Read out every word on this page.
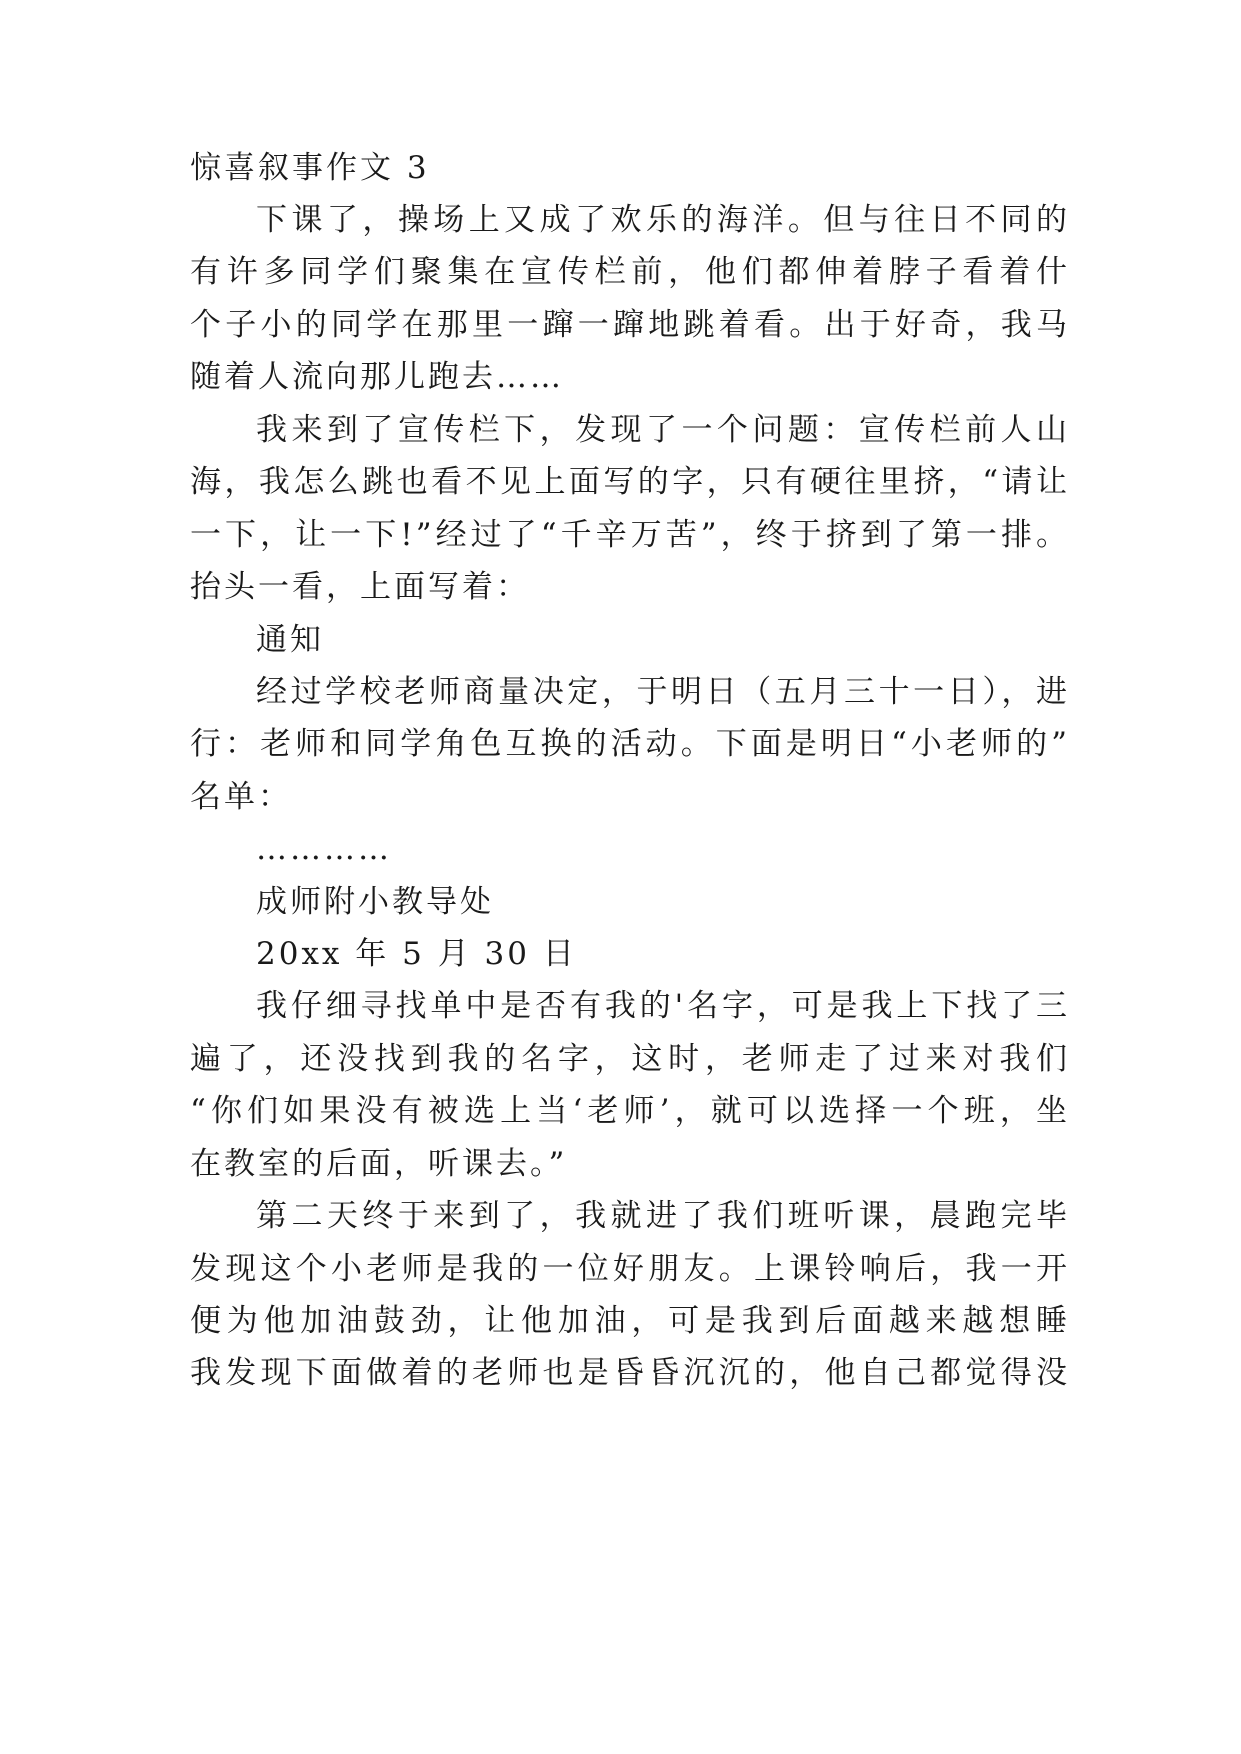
惊喜叙事作文 3
下课了，操场上又成了欢乐的海洋。但与往日不同的
有许多同学们聚集在宣传栏前，他们都伸着脖子看着什
个子小的同学在那里一蹿一蹿地跳着看。出于好奇，我马
随着人流向那儿跑去……
我来到了宣传栏下，发现了一个问题：宣传栏前人山
海，我怎么跳也看不见上面写的字，只有硬往里挤，“请让
一下，让一下!”经过了“千辛万苦”，终于挤到了第一排。
抬头一看，上面写着：
通知
经过学校老师商量决定，于明日（五月三十一日），进
行：老师和同学角色互换的活动。下面是明日“小老师的”
名单：
…………
成师附小教导处
20xx 年 5 月 30 日
我仔细寻找单中是否有我的'名字，可是我上下找了三
遍了，还没找到我的名字，这时，老师走了过来对我们
“你们如果没有被选上当‘老师’，就可以选择一个班，坐
在教室的后面，听课去。”
第二天终于来到了，我就进了我们班听课，晨跑完毕
发现这个小老师是我的一位好朋友。上课铃响后，我一开
便为他加油鼓劲，让他加油，可是我到后面越来越想睡
我发现下面做着的老师也是昏昏沉沉的，他自己都觉得没
